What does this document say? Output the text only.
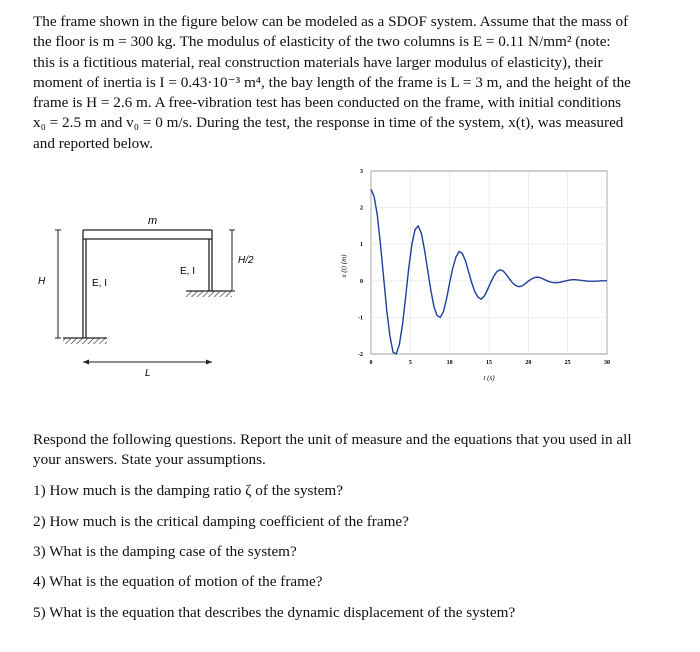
The frame shown in the figure below can be modeled as a SDOF system. Assume that the mass of
the floor is m = 300 kg. The modulus of elasticity of the two columns is E = 0.11 N/mm² (note:
this is a fictitious material, real construction materials have larger modulus of elasticity), their
moment of inertia is I = 0.43·10⁻³ m⁴, the bay length of the frame is L = 3 m, and the height of the
frame is H = 2.6 m. A free-vibration test has been conducted on the frame, with initial conditions
x₀ = 2.5 m and v₀ = 0 m/s. During the test, the response in time of the system, x(t), was measured
and reported below.
m
H
H/2
E, I
E, I
L
3
2
1
0
-1
-2
0	5	10	15	20	25	30
x (t) (m)
t (s)
Respond the following questions. Report the unit of measure and the equations that you used in all
your answers. State your assumptions.
1) How much is the damping ratio ζ of the system?
2) How much is the critical damping coefficient of the frame?
3) What is the damping case of the system?
4) What is the equation of motion of the frame?
5) What is the equation that describes the dynamic displacement of the system?
